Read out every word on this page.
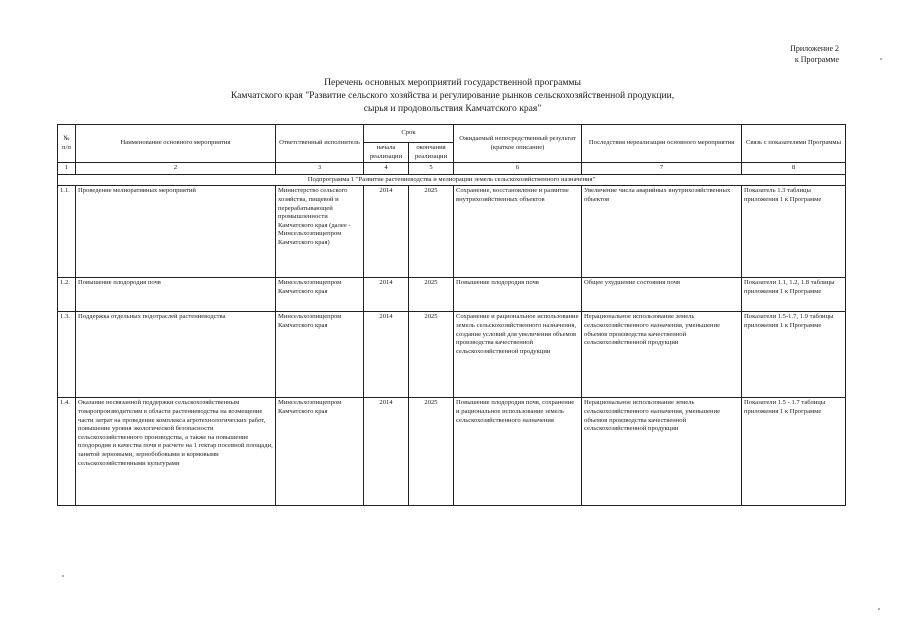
Приложение 2
к Программе
Перечень основных мероприятий государственной программы
Камчатского края "Развитие сельского хозяйства и регулирование рынков сельскохозяйственной продукции,
сырья и продовольствия Камчатского края"
№ п/п	Наименование основного мероприятия	Ответственный исполнитель	Срок		Ожидаемый непосредственный результат (краткое описание)	Последствия нереализации основного мероприятия	Связь с показателями Программы
			начала реализации	окончания реализации			
1	2	3	4	5	6	7	8
Подпрограмма 1 "Развитие растениеводства и мелиорации земель сельскохозяйственного назначения"							
1.1.	Проведение мелиоративных мероприятий	Министерство сельского хозяйства, пищевой и перерабатывающей промышленности Камчатского края (далее - Минсельхозпищепром Камчатского края)	2014	2025	Сохранение, восстановление и развитие внутрихозяйственных объектов	Увеличение числа аварийных внутрихозяйственных объектов	Показатель 1.3 таблицы приложения 1 к Программе
1.2.	Повышение плодородия почв	Минсельхозпищепром Камчатского края	2014	2025	Повышение плодородия почв	Общее ухудшение состояния почв	Показатели 1.1, 1.2, 1.8 таблицы приложения 1 к Программе
1.3.	Поддержка отдельных подотраслей растениеводства	Минсельхозпищепром Камчатского края	2014	2025	Сохранение и рациональное использование земель сельскохозяйственного назначения, создание условий для увеличения объемов производства качественной сельскохозяйственной продукции	Нерациональное использование земель сельскохозяйственного назначения, уменьшение объемов производства качественной сельскохозяйственной продукции	Показатели 1.5-1.7, 1.9 таблицы приложения 1 к Программе
1.4.	Оказание несвязанной поддержки сельскохозяйственным товаропроизводителям в области растениеводства на возмещение части затрат на проведение комплекса агротехнологических работ, повышение уровня экологической безопасности сельскохозяйственного производства, а также на повышение плодородия и качества почв в расчете на 1 гектар посевной площади, занятой зерновыми, зернобобовыми и кормовыми сельскохозяйственными культурами	Минсельхозпищепром Камчатского края	2014	2025	Повышение плодородия почв, сохранение и рациональное использование земель сельскохозяйственного назначения	Нерациональное использование земель сельскохозяйственного назначения, уменьшение объемов производства качественной сельскохозяйственной продукции	Показатели 1.5 - 1.7 таблицы приложения 1 к Программе
